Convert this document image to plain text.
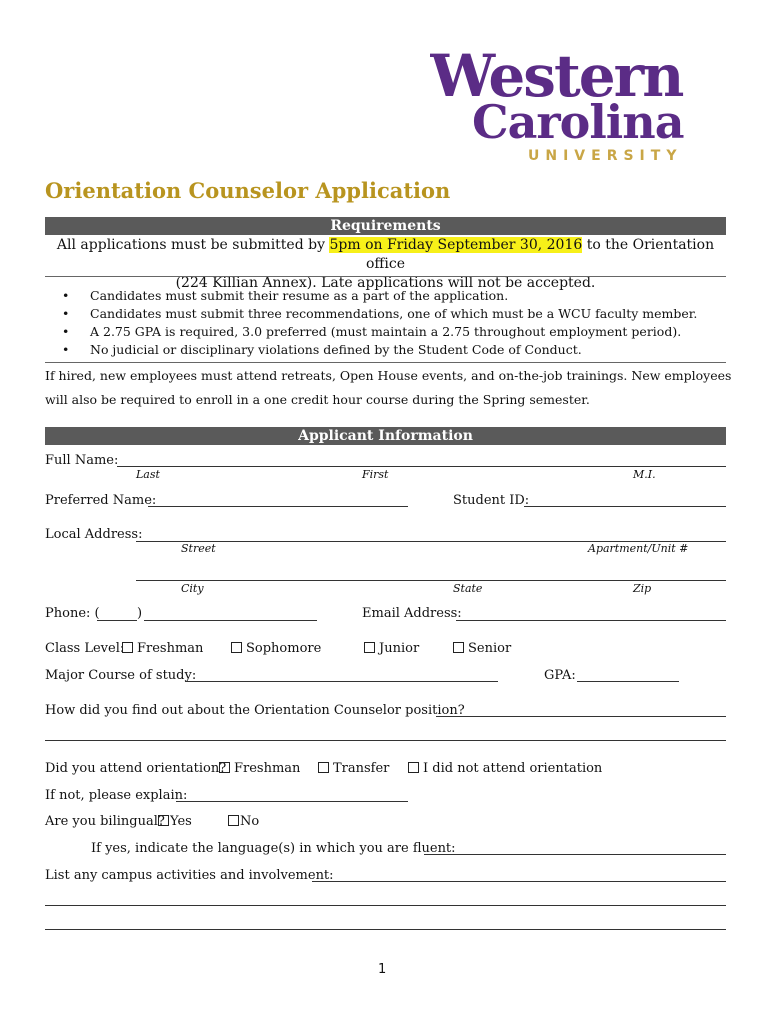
Western
Carolina
UNIVERSITY
Orientation Counselor Application
Requirements
All applications must be submitted by 5pm on Friday September 30, 2016 to the Orientation office
(224 Killian Annex). Late applications will not be accepted.
• Candidates must submit their resume as a part of the application.
• Candidates must submit three recommendations, one of which must be a WCU faculty member.
• A 2.75 GPA is required, 3.0 preferred (must maintain a 2.75 throughout employment period).
• No judicial or disciplinary violations defined by the Student Code of Conduct.
If hired, new employees must attend retreats, Open House events, and on-the-job trainings. New employees will also be required to enroll in a one credit hour course during the Spring semester.
Applicant Information
Full Name:
Last	First	M.I.
Preferred Name:	Student ID:
Local Address:
Street	Apartment/Unit #
City	State	Zip
Phone: (	)	Email Address:
Class Level: Freshman	Sophomore	Junior	Senior
Major Course of study:	GPA:
How did you find out about the Orientation Counselor position?
Did you attend orientation? Freshman	Transfer	I did not attend orientation
If not, please explain:
Are you bilingual? Yes	No
If yes, indicate the language(s) in which you are fluent:
List any campus activities and involvement:
1
